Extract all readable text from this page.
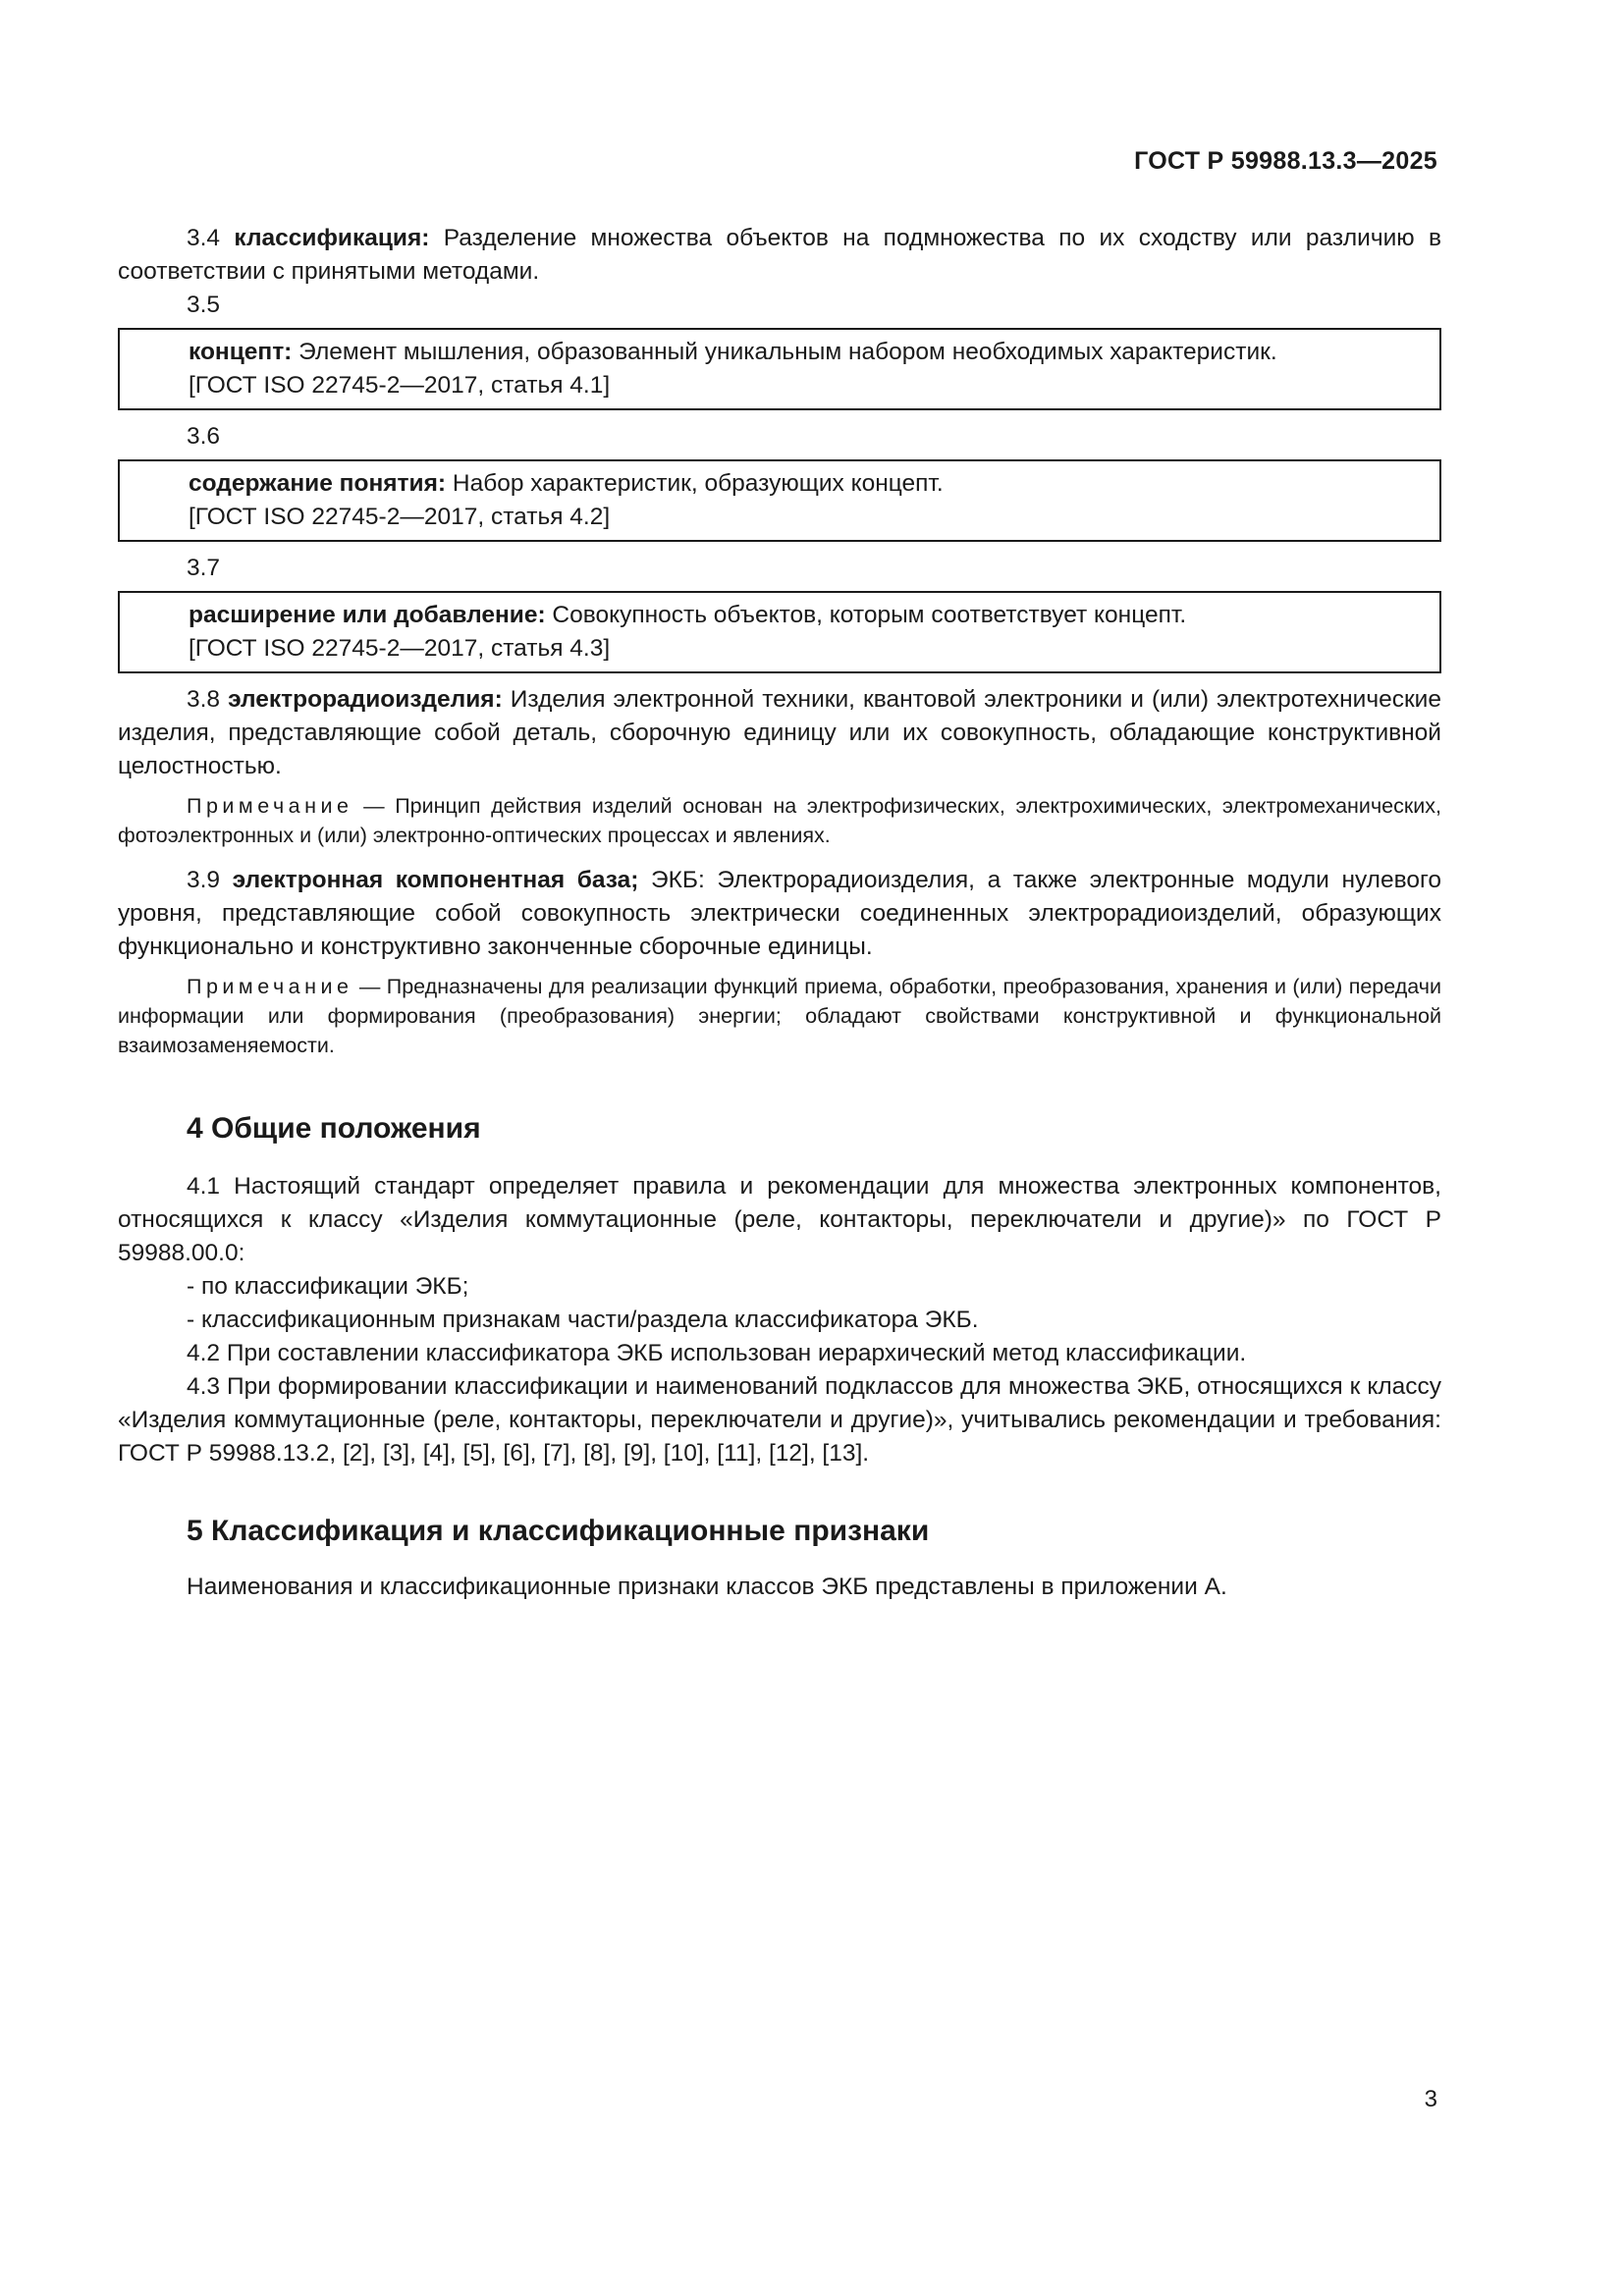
ГОСТ Р 59988.13.3—2025

3.4 классификация: Разделение множества объектов на подмножества по их сходству или различию в соответствии с принятыми методами.

3.5
концепт: Элемент мышления, образованный уникальным набором необходимых характеристик.
[ГОСТ ISO 22745-2—2017, статья 4.1]
3.6
содержание понятия: Набор характеристик, образующих концепт.
[ГОСТ ISO 22745-2—2017, статья 4.2]
3.7
расширение или добавление: Совокупность объектов, которым соответствует концепт.
[ГОСТ ISO 22745-2—2017, статья 4.3]

3.8 электрорадиоизделия: Изделия электронной техники, квантовой электроники и (или) электротехнические изделия, представляющие собой деталь, сборочную единицу или их совокупность, обладающие конструктивной целостностью.

Примечание — Принцип действия изделий основан на электрофизических, электрохимических, электромеханических, фотоэлектронных и (или) электронно-оптических процессах и явлениях.

3.9 электронная компонентная база; ЭКБ: Электрорадиоизделия, а также электронные модули нулевого уровня, представляющие собой совокупность электрически соединенных электрорадиоизделий, образующих функционально и конструктивно законченные сборочные единицы.

Примечание — Предназначены для реализации функций приема, обработки, преобразования, хранения и (или) передачи информации или формирования (преобразования) энергии; обладают свойствами конструктивной и функциональной взаимозаменяемости.

4 Общие положения

4.1 Настоящий стандарт определяет правила и рекомендации для множества электронных компонентов, относящихся к классу «Изделия коммутационные (реле, контакторы, переключатели и другие)» по ГОСТ Р 59988.00.0:

- по классификации ЭКБ;
- классификационным признакам части/раздела классификатора ЭКБ.

4.2 При составлении классификатора ЭКБ использован иерархический метод классификации.

4.3 При формировании классификации и наименований подклассов для множества ЭКБ, относящихся к классу «Изделия коммутационные (реле, контакторы, переключатели и другие)», учитывались рекомендации и требования: ГОСТ Р 59988.13.2, [2], [3], [4], [5], [6], [7], [8], [9], [10], [11], [12], [13].

5 Классификация и классификационные признаки
Наименования и классификационные признаки классов ЭКБ представлены в приложении А.
3
